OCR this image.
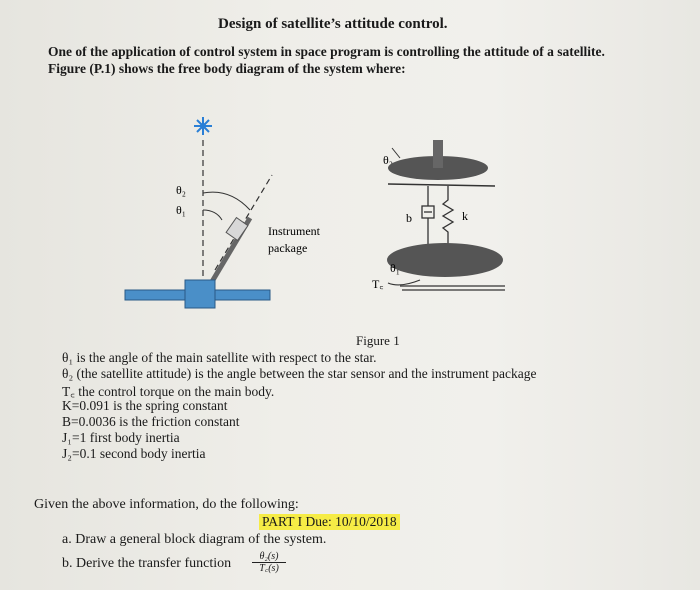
Design of satellite’s attitude control.
One of the application of control system in space program is controlling the attitude of a satellite.
Figure (P.1) shows the free body diagram of the system where:
θ₂
θ₁
Instrument
package
θ₂
b	k
θ₁
T꜀
Figure 1
θ₁ is the angle of the main satellite with respect to the star.
θ₂ (the satellite attitude) is the angle between the star sensor and the instrument package
T꜀ the control torque on the main body.
K=0.091 is the spring constant
B=0.0036 is the friction constant
J₁=1 first body inertia
J₂=0.1 second body inertia
Given the above information, do the following:
PART I Due: 10/10/2018
a. Draw a general block diagram of the system.
b. Derive the transfer function $\frac{\text{θ₂(s)}}{T꜀(s)}$
